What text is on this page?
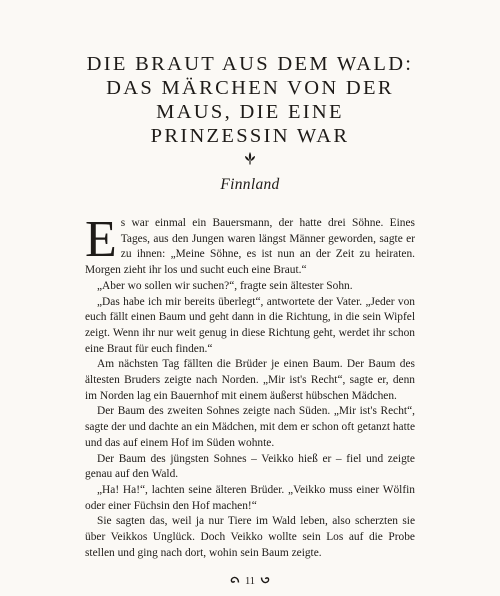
DIE BRAUT AUS DEM WALD:
DAS MÄRCHEN VON DER
MAUS, DIE EINE
PRINZESSIN WAR
Finnland

Es war einmal ein Bauersmann, der hatte drei Söhne. Eines Tages, aus den Jungen waren längst Männer geworden, sagte er zu ihnen: „Meine Söhne, es ist nun an der Zeit zu heiraten. Morgen zieht ihr los und sucht euch eine Braut.“

„Aber wo sollen wir suchen?“, fragte sein ältester Sohn.

„Das habe ich mir bereits überlegt“, antwortete der Vater. „Jeder von euch fällt einen Baum und geht dann in die Richtung, in die sein Wipfel zeigt. Wenn ihr nur weit genug in diese Richtung geht, werdet ihr schon eine Braut für euch finden.“

Am nächsten Tag fällten die Brüder je einen Baum. Der Baum des ältesten Bruders zeigte nach Norden. „Mir ist's Recht“, sagte er, denn im Norden lag ein Bauernhof mit einem äußerst hübschen Mädchen.

Der Baum des zweiten Sohnes zeigte nach Süden. „Mir ist's Recht“, sagte der und dachte an ein Mädchen, mit dem er schon oft getanzt hatte und das auf einem Hof im Süden wohnte.

Der Baum des jüngsten Sohnes – Veikko hieß er – fiel und zeigte genau auf den Wald.

„Ha! Ha!“, lachten seine älteren Brüder. „Veikko muss einer Wölfin oder einer Füchsin den Hof machen!“

Sie sagten das, weil ja nur Tiere im Wald leben, also scherzten sie über Veikkos Unglück. Doch Veikko wollte sein Los auf die Probe stellen und ging nach dort, wohin sein Baum zeigte.

11
